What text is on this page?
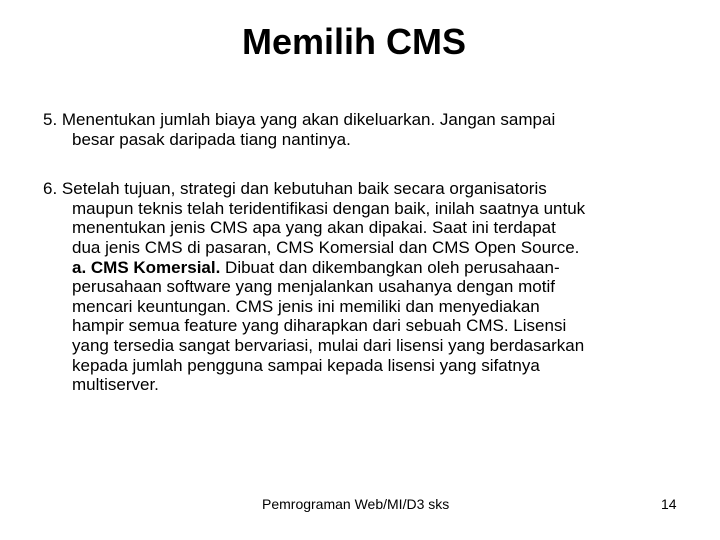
Memilih CMS

5. Menentukan jumlah biaya yang akan dikeluarkan. Jangan sampai
besar pasak daripada tiang nantinya.

6. Setelah tujuan, strategi dan kebutuhan baik secara organisatoris
maupun teknis telah teridentifikasi dengan baik, inilah saatnya untuk
menentukan jenis CMS apa yang akan dipakai. Saat ini terdapat
dua jenis CMS di pasaran, CMS Komersial dan CMS Open Source.
a. CMS Komersial. Dibuat dan dikembangkan oleh perusahaan-
perusahaan software yang menjalankan usahanya dengan motif
mencari keuntungan. CMS jenis ini memiliki dan menyediakan
hampir semua feature yang diharapkan dari sebuah CMS. Lisensi
yang tersedia sangat bervariasi, mulai dari lisensi yang berdasarkan
kepada jumlah pengguna sampai kepada lisensi yang sifatnya
multiserver.

Pemrograman Web/MI/D3 sks	14
